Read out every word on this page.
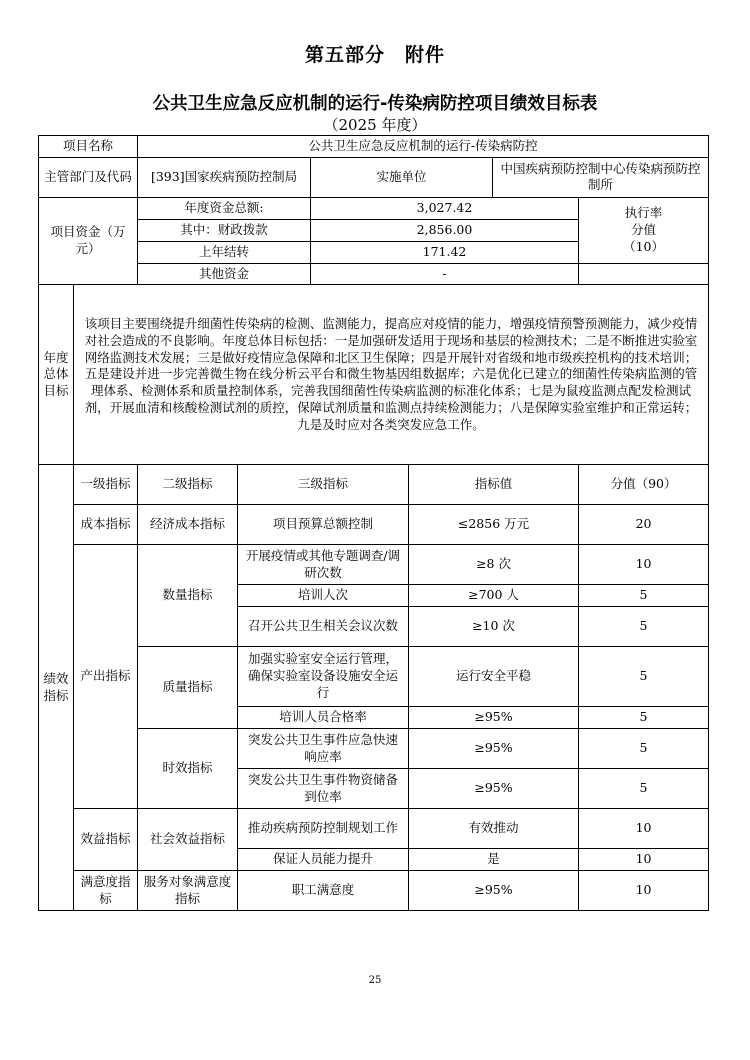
第五部分　附件
公共卫生应急反应机制的运行-传染病防控项目绩效目标表
（2025 年度）
项目名称		公共卫生应急反应机制的运行-传染病防控					
主管部门及代码		[393]国家疾病预防控制局		实施单位		中国疾病预防控制中心传染病预防控制所	
项目资金（万元）		年度资金总额:		3,027.42			执行率
分值
（10）

		其中：财政拨款		2,856.00			
		上年结转		171.42			
		其他资金		-			
年度总体目标	该项目主要围绕提升细菌性传染病的检测、监测能力，提高应对疫情的能力，增强疫情预警预测能力，减少疫情对社会造成的不良影响。年度总体目标包括：一是加强研发适用于现场和基层的检测技术；二是不断推进实验室网络监测技术发展；三是做好疫情应急保障和北区卫生保障；四是开展针对省级和地市级疾控机构的技术培训；五是建设并进一步完善微生物在线分析云平台和微生物基因组数据库；六是优化已建立的细菌性传染病监测的管理体系、检测体系和质量控制体系，完善我国细菌性传染病监测的标准化体系；七是为鼠疫监测点配发检测试剂，开展血清和核酸检测试剂的质控，保障试剂质量和监测点持续检测能力；八是保障实验室维护和正常运转；九是及时应对各类突发应急工作。						
绩效指标	一级指标	二级指标	三级指标		指标值		分值（90）
	成本指标	经济成本指标	项目预算总额控制		≤2856 万元		20
	产出指标	数量指标	开展疫情或其他专题调查/调研次数		≥8 次		10
			培训人次		≥700 人		5
			召开公共卫生相关会议次数		≥10 次		5
		质量指标	加强实验室安全运行管理，确保实验室设备设施安全运行		运行安全平稳		5
			培训人员合格率		≥95%		5
		时效指标	突发公共卫生事件应急快速响应率		≥95%		5
			突发公共卫生事件物资储备到位率		≥95%		5
	效益指标	社会效益指标	推动疾病预防控制规划工作		有效推动		10
			保证人员能力提升		是		10
	满意度指标	服务对象满意度指标	职工满意度		≥95%		10
25
